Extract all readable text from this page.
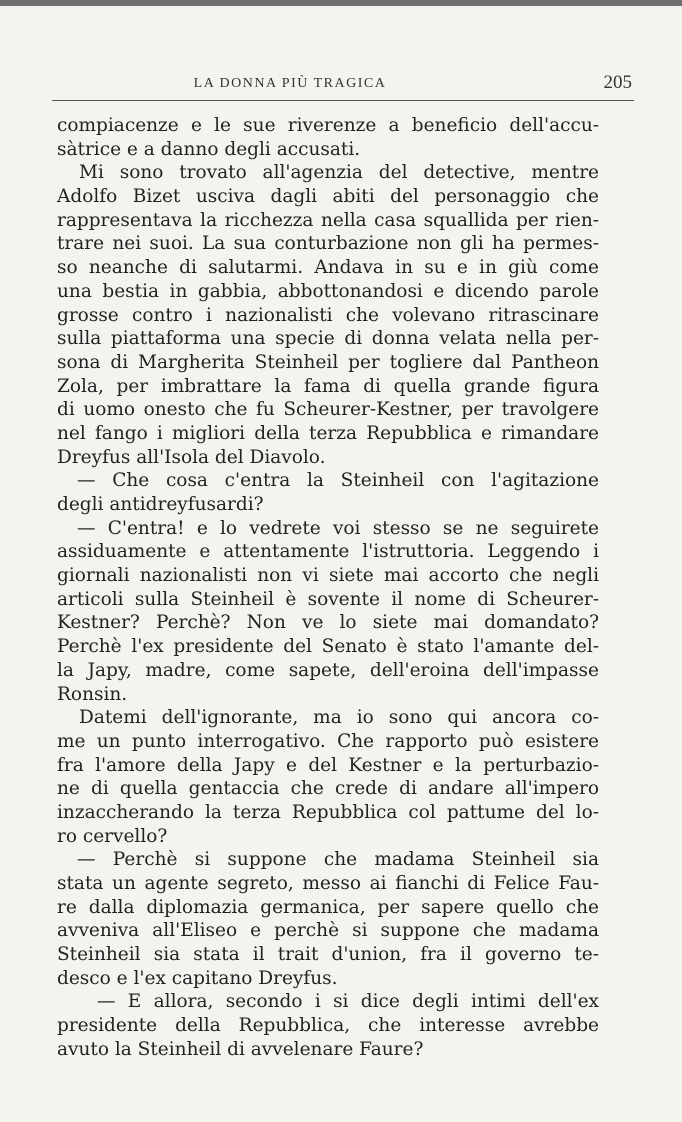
LA DONNA PIÙ TRAGICA	205
compiacenze e le sue riverenze a beneficio dell'accu-
sàtrice e a danno degli accusati.
Mi sono trovato all'agenzia del detective, mentre
Adolfo Bizet usciva dagli abiti del personaggio che
rappresentava la ricchezza nella casa squallida per rien-
trare nei suoi. La sua conturbazione non gli ha permes-
so neanche di salutarmi. Andava in su e in giù come
una bestia in gabbia, abbottonandosi e dicendo parole
grosse contro i nazionalisti che volevano ritrascinare
sulla piattaforma una specie di donna velata nella per-
sona di Margherita Steinheil per togliere dal Pantheon
Zola, per imbrattare la fama di quella grande figura
di uomo onesto che fu Scheurer-Kestner, per travolgere
nel fango i migliori della terza Repubblica e rimandare
Dreyfus all'Isola del Diavolo.
— Che cosa c'entra la Steinheil con l'agitazione
degli antidreyfusardi?
— C'entra! e lo vedrete voi stesso se ne seguirete
assiduamente e attentamente l'istruttoria. Leggendo i
giornali nazionalisti non vi siete mai accorto che negli
articoli sulla Steinheil è sovente il nome di Scheurer-
Kestner? Perchè? Non ve lo siete mai domandato?
Perchè l'ex presidente del Senato è stato l'amante del-
la Japy, madre, come sapete, dell'eroina dell'impasse
Ronsin.
Datemi dell'ignorante, ma io sono qui ancora co-
me un punto interrogativo. Che rapporto può esistere
fra l'amore della Japy e del Kestner e la perturbazio-
ne di quella gentaccia che crede di andare all'impero
inzaccherando la terza Repubblica col pattume del lo-
ro cervello?
— Perchè si suppone che madama Steinheil sia
stata un agente segreto, messo ai fianchi di Felice Fau-
re dalla diplomazia germanica, per sapere quello che
avveniva all'Eliseo e perchè si suppone che madama
Steinheil sia stata il trait d'union, fra il governo te-
desco e l'ex capitano Dreyfus.
— E allora, secondo i si dice degli intimi dell'ex
presidente della Repubblica, che interesse avrebbe
avuto la Steinheil di avvelenare Faure?
